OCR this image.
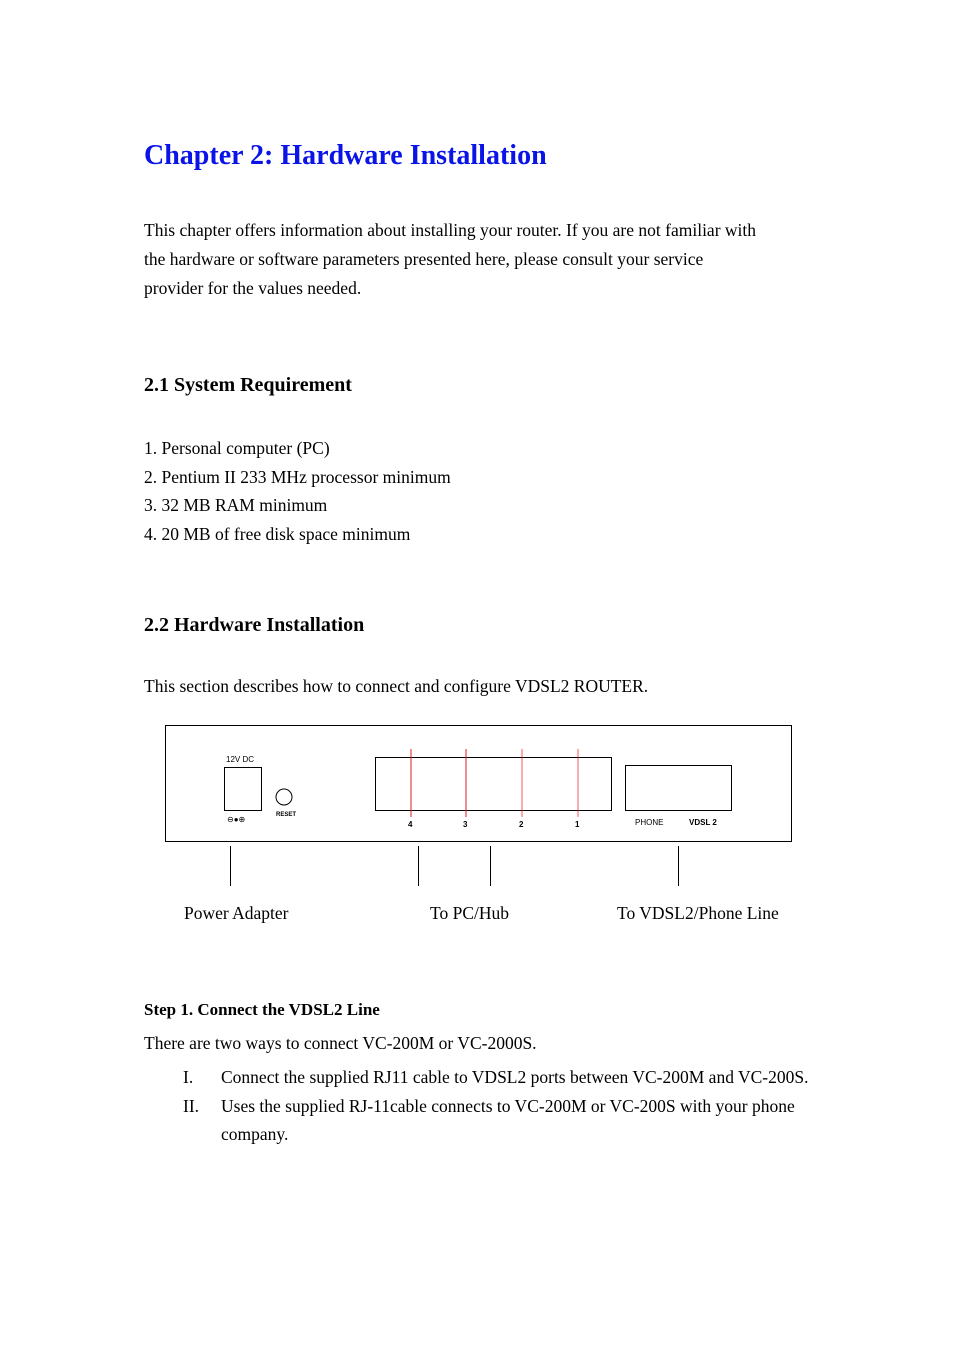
Chapter 2: Hardware Installation

This chapter offers information about installing your router. If you are not familiar with
the hardware or software parameters presented here, please consult your service
provider for the values needed.

2.1 System Requirement
1. Personal computer (PC)
2. Pentium II 233 MHz processor minimum
3. 32 MB RAM minimum
4. 20 MB of free disk space minimum
2.2 Hardware Installation

This section describes how to connect and configure VDSL2 ROUTER.

12V DC
⊖●⊕	RESET
4	3	2	1	PHONE	VDSL 2

Power Adapter	To PC/Hub	To VDSL2/Phone Line

Step 1. Connect the VDSL2 Line

There are two ways to connect VC-200M or VC-2000S.

I. Connect the supplied RJ11 cable to VDSL2 ports between VC-200M and VC-200S.
II. Uses the supplied RJ-11cable connects to VC-200M or VC-200S with your phone company.
